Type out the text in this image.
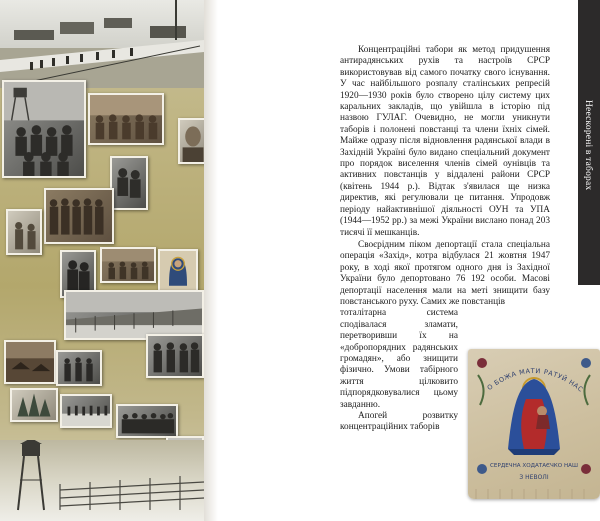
Концентраційні табори як метод придушення антирадянських рухів та настроїв СРСР використовував від самого початку свого існування. У час найбільшого розпалу сталінських репресій 1920—1930 років було створено цілу систему цих каральних закладів, що увійшла в історію під назвою ГУЛАГ. Очевидно, не могли уникнути таборів і полонені повстанці та члени їхніх сімей. Майже одразу після відновлення радянської влади в Західній Україні було видано спеціальний документ про порядок виселення членів сімей оунівців та активних повстанців у віддалені райони СРСР (квітень 1944 р.). Відтак з'явилася ще низка директив, які регулювали це питання. Упродовж періоду найактивнішої діяльності ОУН та УПА (1944—1952 рр.) за межі України вислано понад 203 тисячі її мешканців.

Своєрідним піком депортації стала спеціальна операція «Захід», котра відбулася 21 жовтня 1947 року, в ході якої протягом одного дня із Західної України було депортовано 76 192 особи. Масові депортації населення мали на меті знищити базу повстанського руху. Самих же повстанців

тоталітарна система сподівалася зламати, перетворивши їх на «добропорядних радянських громадян», або знищити фізично. Умови табірного життя цілковито підпорядковувалися цьому завданню.

Апогей розвитку концентраційних таборів

Неескорені в таборах
О БОЖА МАТИ РАТУЙ НАС
СЕРДЕЧНА ХОДАТАЄЧКО НАШ
З НЕВОЛІ
